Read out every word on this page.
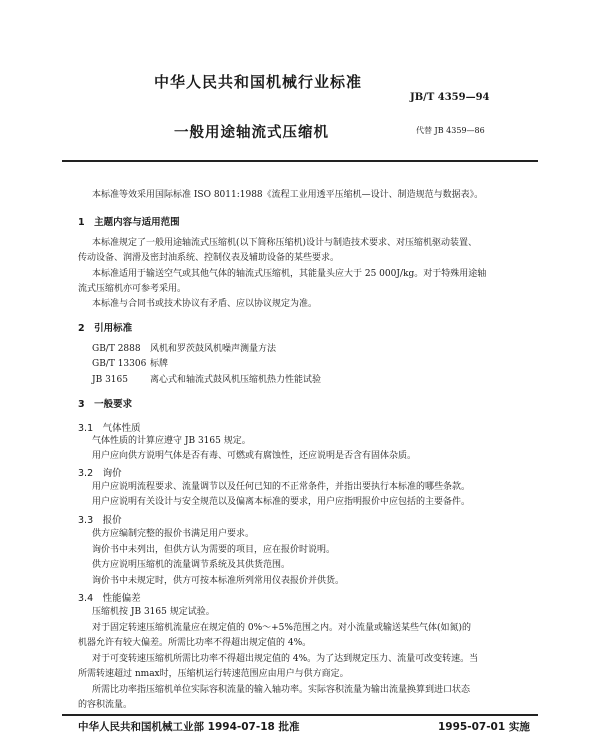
中华人民共和国机械行业标准
JB/T 4359—94
一般用途轴流式压缩机	代替 JB 4359—86
本标准等效采用国际标准 ISO 8011:1988《流程工业用透平压缩机—设计、制造规范与数据表》。
1　主题内容与适用范围
本标准规定了一般用途轴流式压缩机(以下简称压缩机)设计与制造技术要求、对压缩机驱动装置、
传动设备、润滑及密封油系统、控制仪表及辅助设备的某些要求。
本标准适用于输送空气或其他气体的轴流式压缩机，其能量头应大于 25 000J/kg。对于特殊用途轴
流式压缩机亦可参考采用。
本标准与合同书或技术协议有矛盾、应以协议规定为准。
2　引用标准
GB/T 2888 风机和罗茨鼓风机噪声测量方法
GB/T 13306 标牌
JB 3165 离心式和轴流式鼓风机压缩机热力性能试验
3　一般要求
3.1　气体性质
气体性质的计算应遵守 JB 3165 规定。
用户应向供方说明气体是否有毒、可燃或有腐蚀性，还应说明是否含有固体杂质。
3.2　询价
用户应说明流程要求、流量调节以及任何已知的不正常条件，并指出要执行本标准的哪些条款。
用户应说明有关设计与安全规范以及偏离本标准的要求，用户应指明报价中应包括的主要备件。
3.3　报价
供方应编制完整的报价书满足用户要求。
询价书中未列出，但供方认为需要的项目，应在报价时说明。
供方应说明压缩机的流量调节系统及其供货范围。
询价书中未规定时，供方可按本标准所列常用仪表报价并供货。
3.4　性能偏差
压缩机按 JB 3165 规定试验。
对于固定转速压缩机流量应在规定值的 0%～+5%范围之内。对小流量或输送某些气体(如氮)的
机器允许有较大偏差。所需比功率不得超出规定值的 4%。
对于可变转速压缩机所需比功率不得超出规定值的 4%。为了达到规定压力、流量可改变转速。当
所需转速超过 nmax时，压缩机运行转速范围应由用户与供方商定。
所需比功率指压缩机单位实际容积流量的输入轴功率。实际容积流量为输出流量换算到进口状态
的容积流量。
中华人民共和国机械工业部 1994-07-18 批准	1995-07-01 实施
